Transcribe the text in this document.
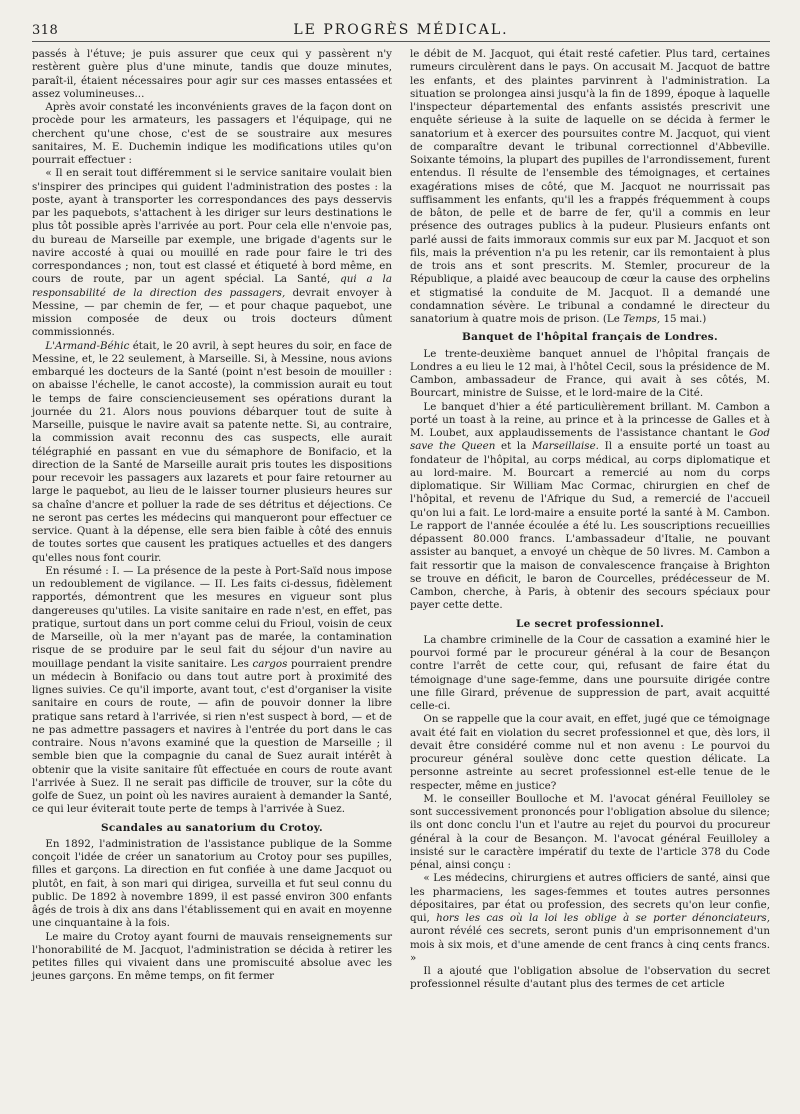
318	LE PROGRÈS MÉDICAL.

passés à l'étuve; je puis assurer que ceux qui y passèrent n'y restèrent guère plus d'une minute, tandis que douze minutes, paraît-il, étaient nécessaires pour agir sur ces masses entassées et assez volumineuses...

Après avoir constaté les inconvénients graves de la façon dont on procède pour les armateurs, les passagers et l'équipage, qui ne cherchent qu'une chose, c'est de se soustraire aux mesures sanitaires, M. E. Duchemin indique les modifications utiles qu'on pourrait effectuer :

« Il en serait tout différemment si le service sanitaire voulait bien s'inspirer des principes qui guident l'administration des postes : la poste, ayant à transporter les correspondances des pays desservis par les paquebots, s'attachent à les diriger sur leurs destinations le plus tôt possible après l'arrivée au port. Pour cela elle n'envoie pas, du bureau de Marseille par exemple, une brigade d'agents sur le navire accosté à quai ou mouillé en rade pour faire le tri des correspondances ; non, tout est classé et étiqueté à bord même, en cours de route, par un agent spécial. La Santé, qui a la responsabilité de la direction des passagers, devrait envoyer à Messine, — par chemin de fer, — et pour chaque paquebot, une mission composée de deux ou trois docteurs dûment commissionnés.

L'Armand-Béhic était, le 20 avril, à sept heures du soir, en face de Messine, et, le 22 seulement, à Marseille. Si, à Messine, nous avions embarqué les docteurs de la Santé (point n'est besoin de mouiller : on abaisse l'échelle, le canot accoste), la commission aurait eu tout le temps de faire consciencieusement ses opérations durant la journée du 21. Alors nous pouvions débarquer tout de suite à Marseille, puisque le navire avait sa patente nette. Si, au contraire, la commission avait reconnu des cas suspects, elle aurait télégraphié en passant en vue du sémaphore de Bonifacio, et la direction de la Santé de Marseille aurait pris toutes les dispositions pour recevoir les passagers aux lazarets et pour faire retourner au large le paquebot, au lieu de le laisser tourner plusieurs heures sur sa chaîne d'ancre et polluer la rade de ses détritus et déjections. Ce ne seront pas certes les médecins qui manqueront pour effectuer ce service. Quant à la dépense, elle sera bien faible à côté des ennuis de toutes sortes que causent les pratiques actuelles et des dangers qu'elles nous font courir.

En résumé : I. — La présence de la peste à Port-Saïd nous impose un redoublement de vigilance. — II. Les faits ci-dessus, fidèlement rapportés, démontrent que les mesures en vigueur sont plus dangereuses qu'utiles. La visite sanitaire en rade n'est, en effet, pas pratique, surtout dans un port comme celui du Frioul, voisin de ceux de Marseille, où la mer n'ayant pas de marée, la contamination risque de se produire par le seul fait du séjour d'un navire au mouillage pendant la visite sanitaire. Les cargos pourraient prendre un médecin à Bonifacio ou dans tout autre port à proximité des lignes suivies. Ce qu'il importe, avant tout, c'est d'organiser la visite sanitaire en cours de route, — afin de pouvoir donner la libre pratique sans retard à l'arrivée, si rien n'est suspect à bord, — et de ne pas admettre passagers et navires à l'entrée du port dans le cas contraire. Nous n'avons examiné que la question de Marseille ; il semble bien que la compagnie du canal de Suez aurait intérêt à obtenir que la visite sanitaire fût effectuée en cours de route avant l'arrivée à Suez. Il ne serait pas difficile de trouver, sur la côte du golfe de Suez, un point où les navires auraient à demander la Santé, ce qui leur éviterait toute perte de temps à l'arrivée à Suez.

Scandales au sanatorium du Crotoy.

En 1892, l'administration de l'assistance publique de la Somme conçoit l'idée de créer un sanatorium au Crotoy pour ses pupilles, filles et garçons. La direction en fut confiée à une dame Jacquot ou plutôt, en fait, à son mari qui dirigea, surveilla et fut seul connu du public. De 1892 à novembre 1899, il est passé environ 300 enfants âgés de trois à dix ans dans l'établissement qui en avait en moyenne une cinquantaine à la fois.

Le maire du Crotoy ayant fourni de mauvais renseignements sur l'honorabilité de M. Jacquot, l'administration se décida à retirer les petites filles qui vivaient dans une promiscuité absolue avec les jeunes garçons. En même temps, on fit fermer

le débit de M. Jacquot, qui était resté cafetier. Plus tard, certaines rumeurs circulèrent dans le pays. On accusait M. Jacquot de battre les enfants, et des plaintes parvinrent à l'administration. La situation se prolongea ainsi jusqu'à la fin de 1899, époque à laquelle l'inspecteur départemental des enfants assistés prescrivit une enquête sérieuse à la suite de laquelle on se décida à fermer le sanatorium et à exercer des poursuites contre M. Jacquot, qui vient de comparaître devant le tribunal correctionnel d'Abbeville. Soixante témoins, la plupart des pupilles de l'arrondissement, furent entendus. Il résulte de l'ensemble des témoignages, et certaines exagérations mises de côté, que M. Jacquot ne nourrissait pas suffisamment les enfants, qu'il les a frappés fréquemment à coups de bâton, de pelle et de barre de fer, qu'il a commis en leur présence des outrages publics à la pudeur. Plusieurs enfants ont parlé aussi de faits immoraux commis sur eux par M. Jacquot et son fils, mais la prévention n'a pu les retenir, car ils remontaient à plus de trois ans et sont prescrits. M. Stemler, procureur de la République, a plaidé avec beaucoup de cœur la cause des orphelins et stigmatisé la conduite de M. Jacquot. Il a demandé une condamnation sévère. Le tribunal a condamné le directeur du sanatorium à quatre mois de prison. (Le Temps, 15 mai.)

Banquet de l'hôpital français de Londres.

Le trente-deuxième banquet annuel de l'hôpital français de Londres a eu lieu le 12 mai, à l'hôtel Cecil, sous la présidence de M. Cambon, ambassadeur de France, qui avait à ses côtés, M. Bourcart, ministre de Suisse, et le lord-maire de la Cité.

Le banquet d'hier a été particulièrement brillant. M. Cambon a porté un toast à la reine, au prince et à la princesse de Galles et à M. Loubet, aux applaudissements de l'assistance chantant le God save the Queen et la Marseillaise. Il a ensuite porté un toast au fondateur de l'hôpital, au corps médical, au corps diplomatique et au lord-maire. M. Bourcart a remercié au nom du corps diplomatique. Sir William Mac Cormac, chirurgien en chef de l'hôpital, et revenu de l'Afrique du Sud, a remercié de l'accueil qu'on lui a fait. Le lord-maire a ensuite porté la santé à M. Cambon. Le rapport de l'année écoulée a été lu. Les souscriptions recueillies dépassent 80.000 francs. L'ambassadeur d'Italie, ne pouvant assister au banquet, a envoyé un chèque de 50 livres. M. Cambon a fait ressortir que la maison de convalescence française à Brighton se trouve en déficit, le baron de Courcelles, prédécesseur de M. Cambon, cherche, à Paris, à obtenir des secours spéciaux pour payer cette dette.

Le secret professionnel.

La chambre criminelle de la Cour de cassation a examiné hier le pourvoi formé par le procureur général à la cour de Besançon contre l'arrêt de cette cour, qui, refusant de faire état du témoignage d'une sage-femme, dans une poursuite dirigée contre une fille Girard, prévenue de suppression de part, avait acquitté celle-ci.

On se rappelle que la cour avait, en effet, jugé que ce témoignage avait été fait en violation du secret professionnel et que, dès lors, il devait être considéré comme nul et non avenu : Le pourvoi du procureur général soulève donc cette question délicate. La personne astreinte au secret professionnel est-elle tenue de le respecter, même en justice?

M. le conseiller Boulloche et M. l'avocat général Feuilloley se sont successivement prononcés pour l'obligation absolue du silence; ils ont donc conclu l'un et l'autre au rejet du pourvoi du procureur général à la cour de Besançon. M. l'avocat général Feuilloley a insisté sur le caractère impératif du texte de l'article 378 du Code pénal, ainsi conçu :

« Les médecins, chirurgiens et autres officiers de santé, ainsi que les pharmaciens, les sages-femmes et toutes autres personnes dépositaires, par état ou profession, des secrets qu'on leur confie, qui, hors les cas où la loi les oblige à se porter dénonciateurs, auront révélé ces secrets, seront punis d'un emprisonnement d'un mois à six mois, et d'une amende de cent francs à cinq cents francs. »

Il a ajouté que l'obligation absolue de l'observation du secret professionnel résulte d'autant plus des termes de cet article
